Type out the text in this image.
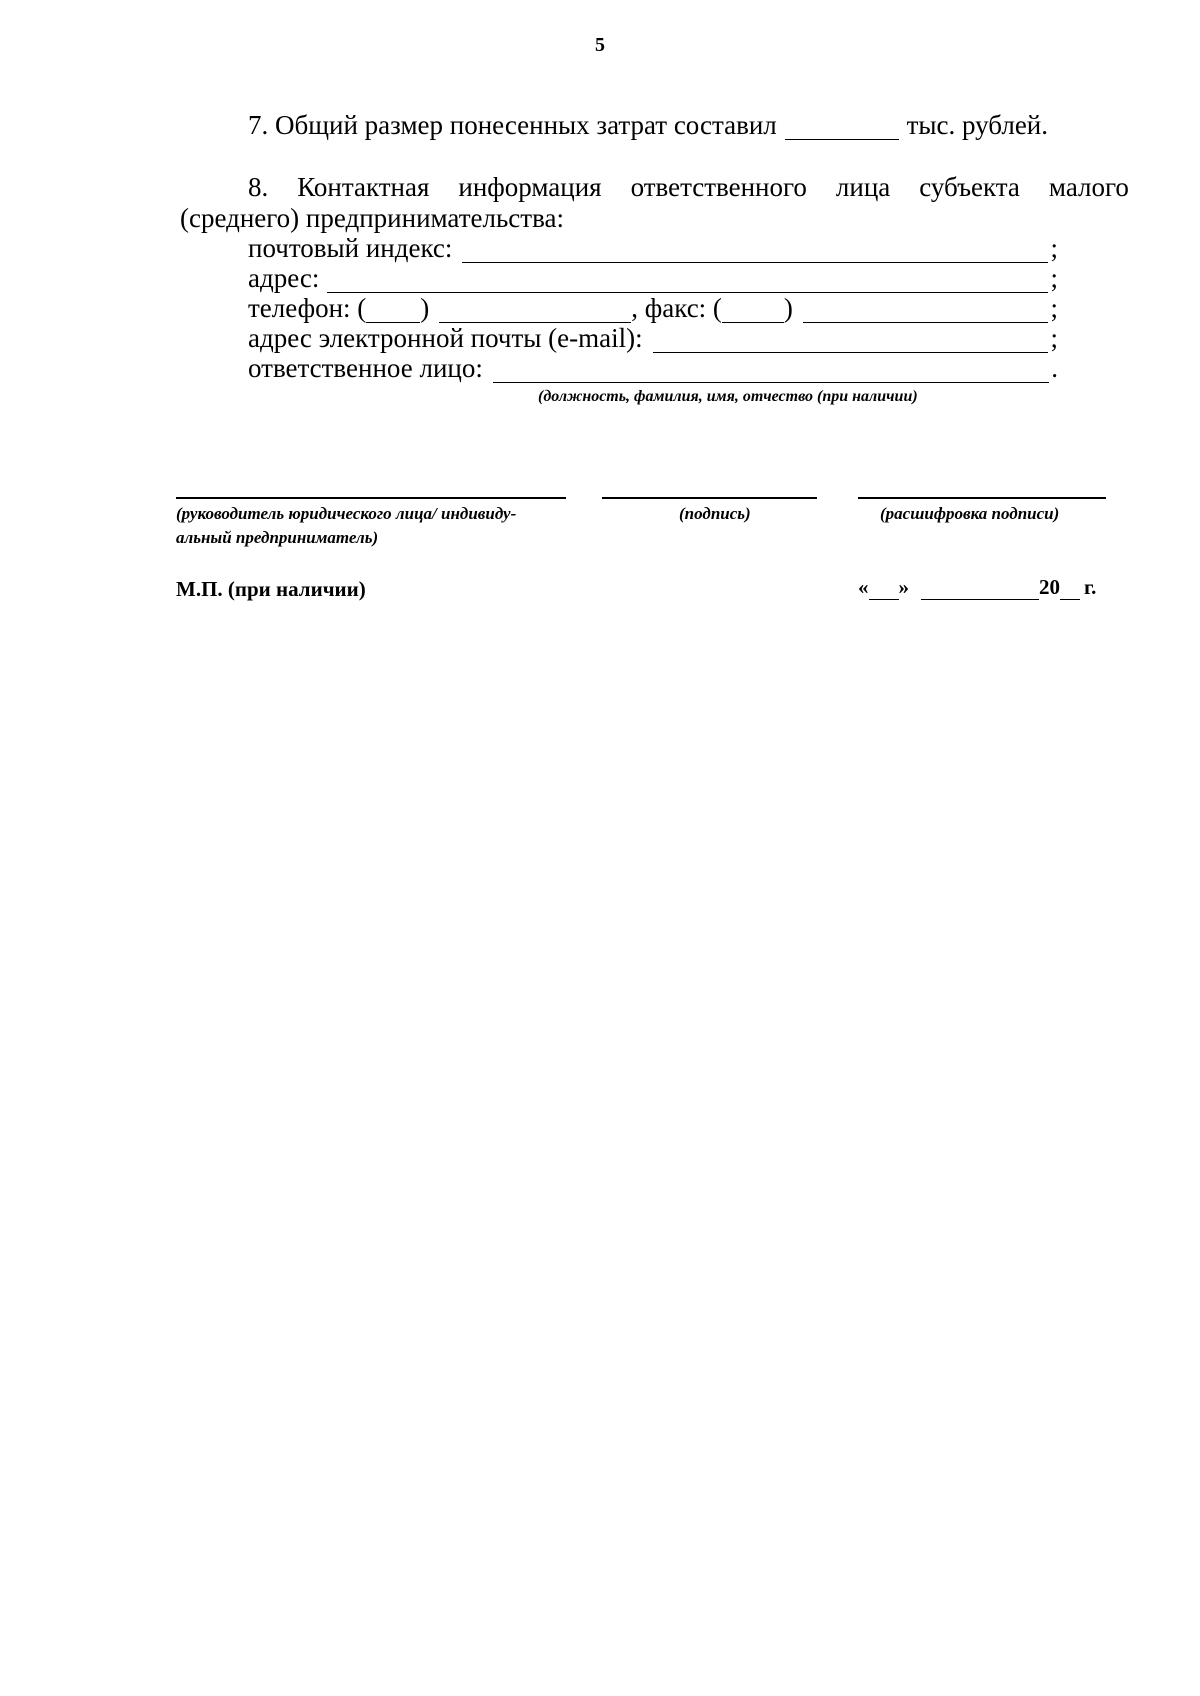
5
7. Общий размер понесенных затрат составил	тыс. рублей.
8. Контактная информация ответственного лица субъекта малого
(среднего) предпринимательства:
почтовый индекс:	;
адрес:	;
телефон: ( )	, факс: ( )	;
адрес электронной почты (e-mail):	;
ответственное лицо:	.
(должность, фамилия, имя, отчество (при наличии)
(руководитель юридического лица/ индивиду-
альный предприниматель)
(подпись)	(расшифровка подписи)
М.П. (при наличии)	« »	20 г.
